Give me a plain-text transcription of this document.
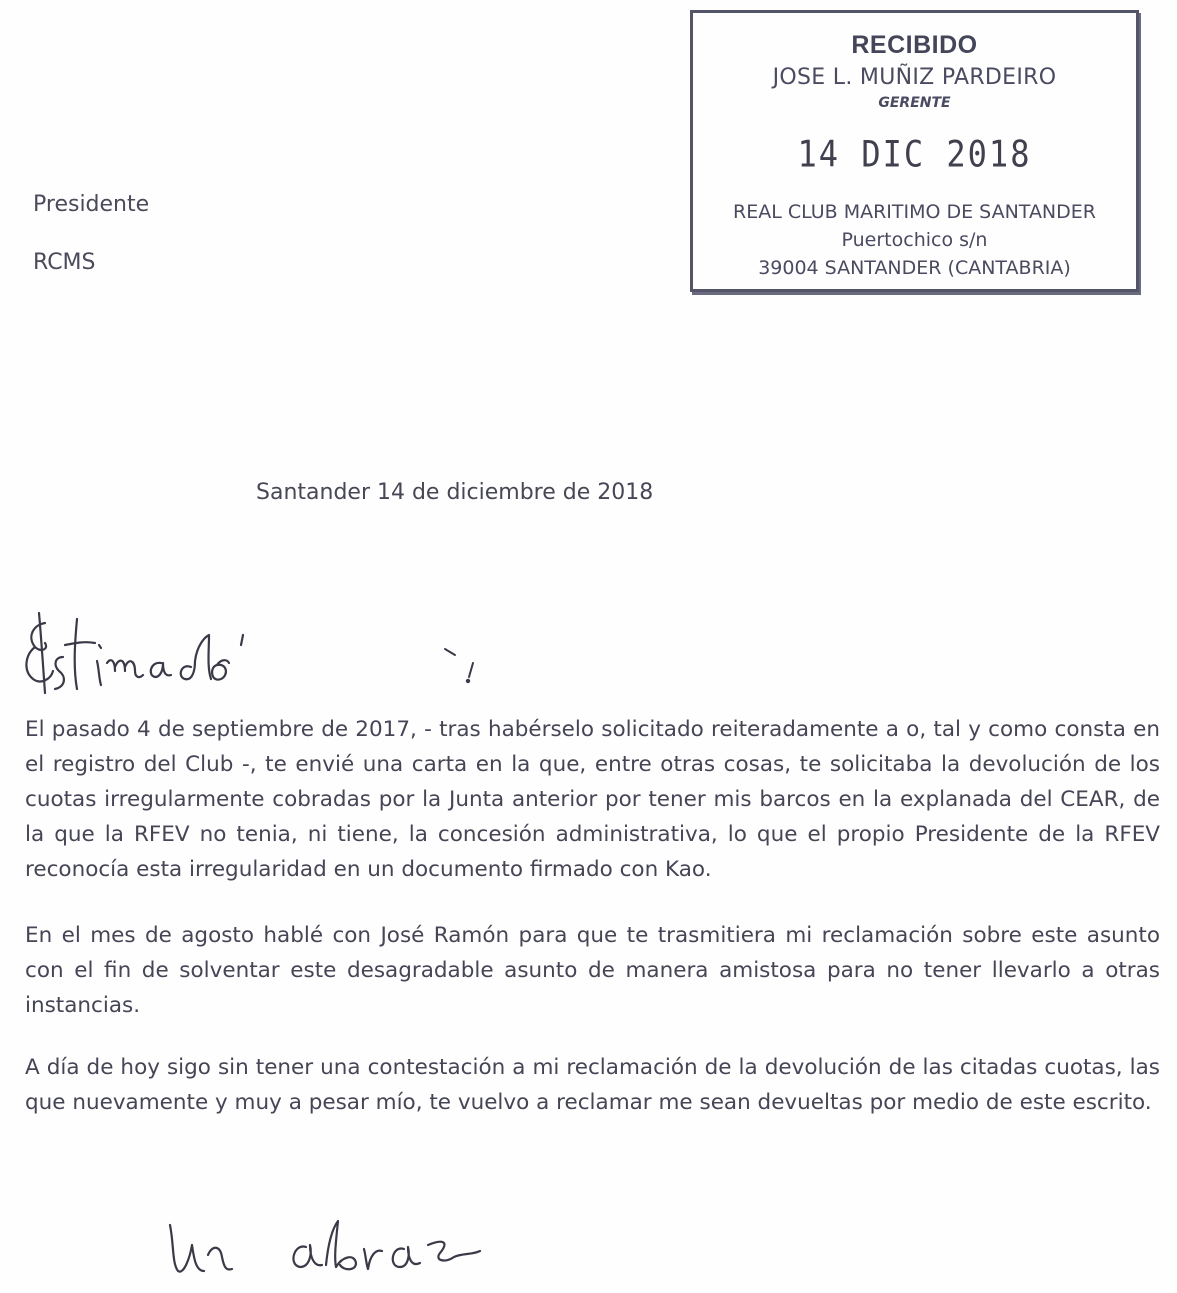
RECIBIDO
JOSE L. MUÑIZ PARDEIRO
GERENTE
14 DIC 2018
REAL CLUB MARITIMO DE SANTANDER
Puertochico s/n
39004 SANTANDER (CANTABRIA)
Presidente
RCMS
Santander 14 de diciembre de 2018
El pasado 4 de septiembre de 2017, - tras habérselo solicitado reiteradamente a o, tal y como consta en el registro del Club -, te envié una carta en la que, entre otras cosas, te solicitaba la devolución de los cuotas irregularmente cobradas por la Junta anterior por tener mis barcos en la explanada del CEAR, de la que la RFEV no tenia, ni tiene, la concesión administrativa, lo que el propio Presidente de la RFEV reconocía esta irregularidad en un documento firmado con Kao.
En el mes de agosto hablé con José Ramón para que te trasmitiera mi reclamación sobre este asunto con el fin de solventar este desagradable asunto de manera amistosa para no tener llevarlo a otras instancias.
A día de hoy sigo sin tener una contestación a mi reclamación de la devolución de las citadas cuotas, las que nuevamente y muy a pesar mío, te vuelvo a reclamar me sean devueltas por medio de este escrito.
